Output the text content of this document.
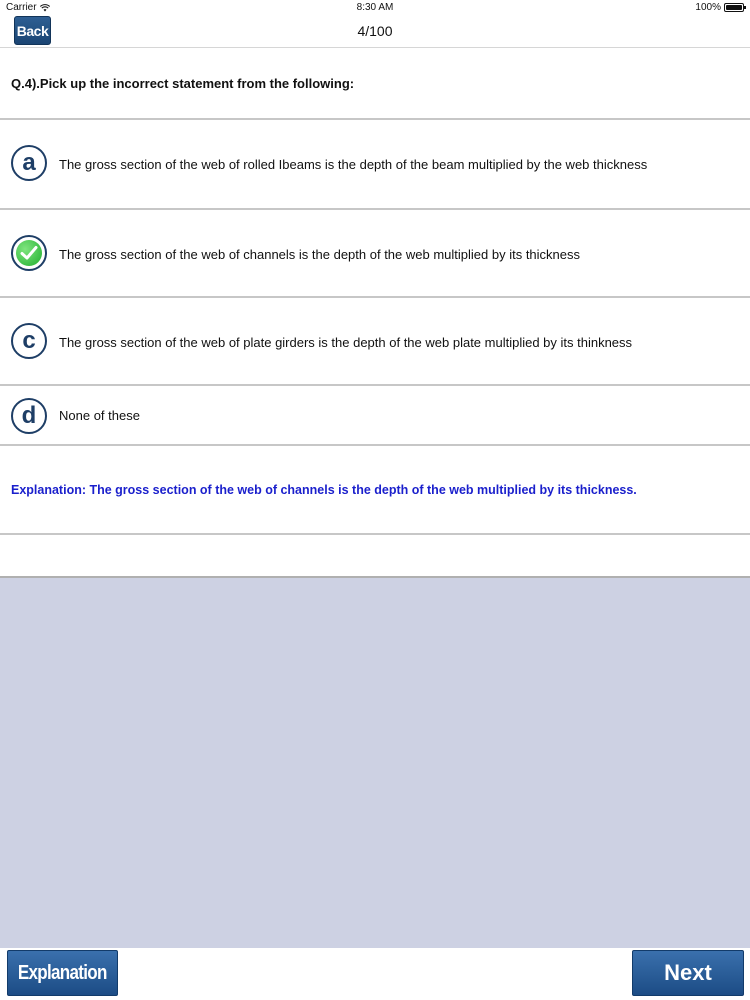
Carrier	8:30 AM	100%
Back	4/100
Q.4).Pick up the incorrect statement from the following:
a	The gross section of the web of rolled Ibeams is the depth of the beam multiplied by the web thickness
The gross section of the web of channels is the depth of the web multiplied by its thickness
c	The gross section of the web of plate girders is the depth of the web plate multiplied by its thinkness
d	None of these
Explanation: The gross section of the web of channels is the depth of the web multiplied by its thickness.
Explanation	Next
